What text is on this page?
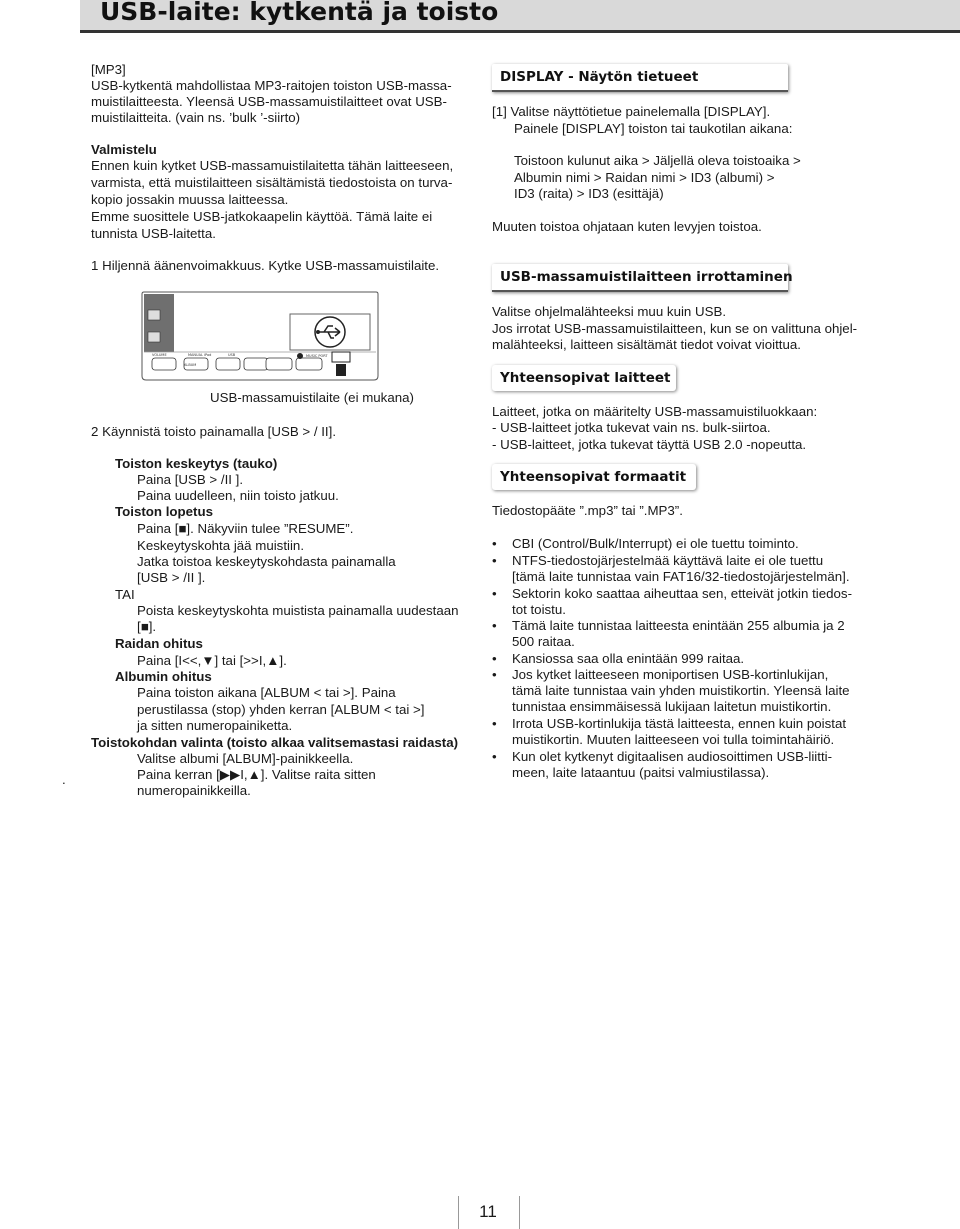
USB-laite: kytkentä ja toisto
[MP3]
USB-kytkentä mahdollistaa MP3-raitojen toiston USB-massa-
muistilaitteesta. Yleensä USB-massamuistilaitteet ovat USB-
muistilaitteita. (vain ns. ’bulk ’-siirto)
Valmistelu
Ennen kuin kytket USB-massamuistilaitetta tähän laitteeseen,
varmista, että muistilaitteen sisältämistä tiedostoista on turva-
kopio jossakin muussa laitteessa.
Emme suosittele USB-jatkokaapelin käyttöä. Tämä laite ei
tunnista USB-laitetta.
1 Hiljennä äänenvoimakkuus. Kytke USB-massamuistilaite.
VOLUME	MANUAL iPod	USB	MUSIC PORT
ALBUM
USB-massamuistilaite (ei mukana)
2 Käynnistä toisto painamalla [USB > / II].
Toiston keskeytys (tauko)
Paina [USB > /II ].
Paina uudelleen, niin toisto jatkuu.
Toiston lopetus
Paina [■]. Näkyviin tulee ”RESUME”.
Keskeytyskohta jää muistiin.
Jatka toistoa keskeytyskohdasta painamalla
[USB > /II ].
TAI
Poista keskeytyskohta muistista painamalla uudestaan
[■].
Raidan ohitus
Paina [I<<,▼] tai [>>I,▲].
Albumin ohitus
Paina toiston aikana [ALBUM < tai >]. Paina
perustilassa (stop) yhden kerran [ALBUM < tai >]
ja sitten numeropainiketta.
Toistokohdan valinta (toisto alkaa valitsemastasi raidasta)
Valitse albumi [ALBUM]-painikkeella.
Paina kerran [▶▶I,▲]. Valitse raita sitten
numeropainikkeilla.
.
DISPLAY - Näytön tietueet
[1] Valitse näyttötietue painelemalla [DISPLAY].
Painele [DISPLAY] toiston tai taukotilan aikana:
Toistoon kulunut aika > Jäljellä oleva toistoaika >
Albumin nimi > Raidan nimi > ID3 (albumi) >
ID3 (raita) > ID3 (esittäjä)
Muuten toistoa ohjataan kuten levyjen toistoa.
USB-massamuistilaitteen irrottaminen
Valitse ohjelmalähteeksi muu kuin USB.
Jos irrotat USB-massamuistilaitteen, kun se on valittuna ohjel-
malähteeksi, laitteen sisältämät tiedot voivat vioittua.
Yhteensopivat laitteet
Laitteet, jotka on määritelty USB-massamuistiluokkaan:
- USB-laitteet jotka tukevat vain ns. bulk-siirtoa.
- USB-laitteet, jotka tukevat täyttä USB 2.0 -nopeutta.
Yhteensopivat formaatit
Tiedostopääte ”.mp3” tai ”.MP3”.
• CBI (Control/Bulk/Interrupt) ei ole tuettu toiminto.
• NTFS-tiedostojärjestelmää käyttävä laite ei ole tuettu
[tämä laite tunnistaa vain FAT16/32-tiedostojärjestelmän].
• Sektorin koko saattaa aiheuttaa sen, etteivät jotkin tiedos-
tot toistu.
• Tämä laite tunnistaa laitteesta enintään 255 albumia ja 2
500 raitaa.
• Kansiossa saa olla enintään 999 raitaa.
• Jos kytket laitteeseen moniportisen USB-kortinlukijan,
tämä laite tunnistaa vain yhden muistikortin. Yleensä laite
tunnistaa ensimmäisessä lukijaan laitetun muistikortin.
• Irrota USB-kortinlukija tästä laitteesta, ennen kuin poistat
muistikortin. Muuten laitteeseen voi tulla toimintahäiriö.
• Kun olet kytkenyt digitaalisen audiosoittimen USB-liitti-
meen, laite lataantuu (paitsi valmiustilassa).
11
